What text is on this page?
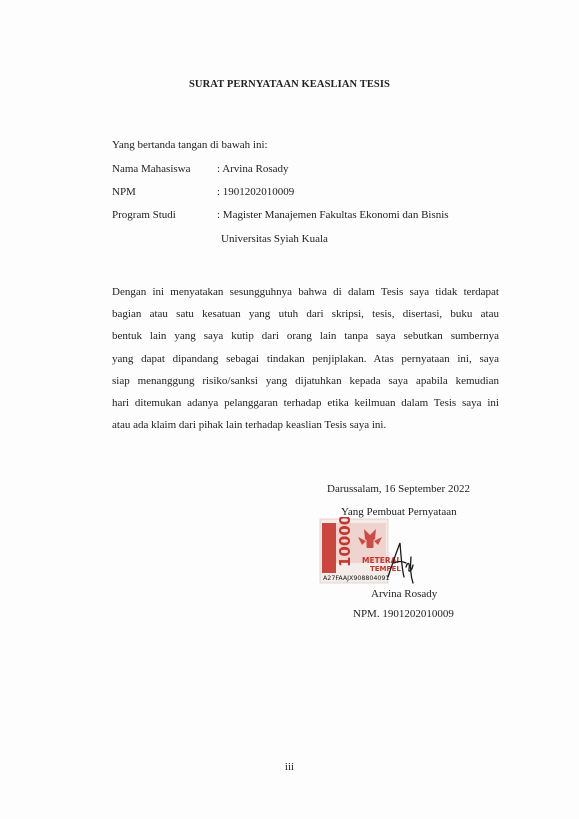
SURAT PERNYATAAN KEASLIAN TESIS
Yang bertanda tangan di bawah ini:
Nama Mahasiswa	: Arvina Rosady
NPM	: 1901202010009
Program Studi	: Magister Manajemen Fakultas Ekonomi dan Bisnis
Universitas Syiah Kuala
Dengan ini menyatakan sesungguhnya bahwa di dalam Tesis saya tidak terdapat
bagian atau satu kesatuan yang utuh dari skripsi, tesis, disertasi, buku atau
bentuk lain yang saya kutip dari orang lain tanpa saya sebutkan sumbernya
yang dapat dipandang sebagai tindakan penjiplakan. Atas pernyataan ini, saya
siap menanggung risiko/sanksi yang dijatuhkan kepada saya apabila kemudian
hari ditemukan adanya pelanggaran terhadap etika keilmuan dalam Tesis saya ini
atau ada klaim dari pihak lain terhadap keaslian Tesis saya ini.
Darussalam, 16 September 2022
Yang Pembuat Pernyataan
10000 METERAI
TEMPEL
A27FAAJX908804091
Arvina Rosady
NPM. 1901202010009
iii
